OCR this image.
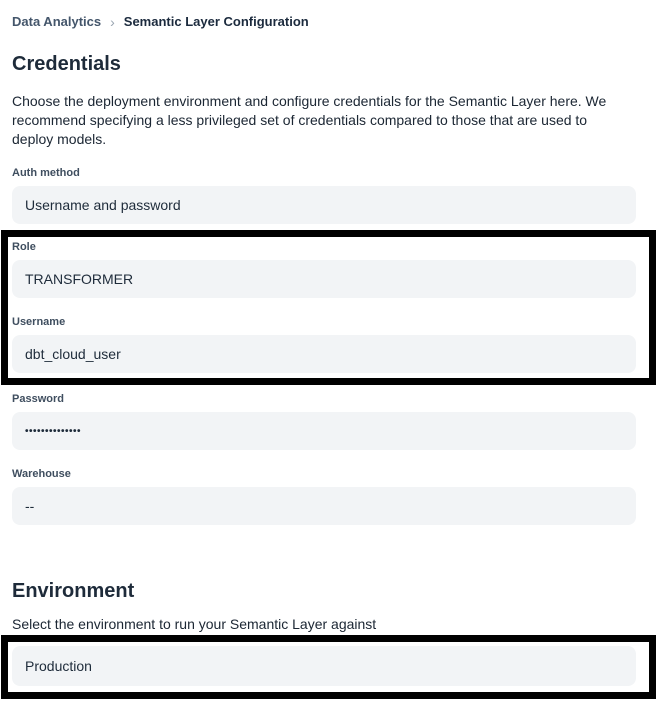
Data Analytics › Semantic Layer Configuration
Credentials

Choose the deployment environment and configure credentials for the Semantic Layer here. We recommend specifying a less privileged set of credentials compared to those that are used to deploy models.

Auth method
Username and password
Role
TRANSFORMER
Username
dbt_cloud_user
Password
••••••••••••••
Warehouse
--
Environment

Select the environment to run your Semantic Layer against

Production
